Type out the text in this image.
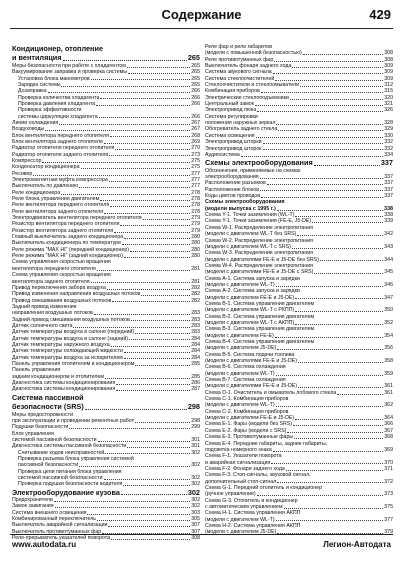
Содержание	429
Кондиционер, отопление
и вентиляция	265
Меры безопасности при работе с хладагентом	265
Вакуумирование заправка и проверка системы	265
Установка блока манометров	265
Зарядка системы	265
Дозаправка	266
Проверка количества хладагента	266
Проверка давления хладагента	266
Проверка эффективности
системы циркуляции хладагента	266
Линии охлаждения	267
Воздуховоды	267
Блок вентилятора переднего отопителя	268
Блок вентилятора заднего отопителя	269
Радиатор отопителя переднего отопителя	270
Радиатор отопителя заднего отопителя	273
Компрессор	275
Конденсатор кондиционера	275
Ресивер	277
Электромагнитная муфта компрессора	277
Выключатель по давлению	277
Реле кондиционера	278
Реле блока управления двигателем	278
Реле вентилятора переднего отопителя	278
Реле вентилятора заднего отопителя	278
Электродвигатель вентилятора переднего отопителя	279
Резистор вентилятора переднего отопителя	279
Резистор вентилятора заднего отопителя	279
Главный выключатель заднего кондиционера	280
Выключатель кондиционера по температуре	280
Реле режима "MAX HI" (передний кондиционер)	280
Реле режима "MAX HI" (задний кондиционер)	280
Схема управления скоростью вращения
вентилятора переднего отопителя	281
Схема управления скоростью вращения
вентилятора заднего отопителя	281
Привод переключения забора воздуха	282
Привод изменения направления воздушных потоков	282
Привод смешивания воздушных потоков	282
Задний привод изменения
направления воздушных потоков	283
Задний привод смешивания воздушных потоков	283
Датчик солнечного света	283
Датчик температуры воздуха в салоне (передний)	283
Датчик температуры воздуха в салоне (задний)	284
Датчик температуры наружного воздуха	284
Датчик температуры охлаждающей жидкости	284
Датчик температуры воздуха за испарителем	284
Панель управления отопителем и кондиционером	285
Панель управления
задним кондиционером и отопителем	285
Диагностика системы кондиционирования	286
Диагностика системы кондиционирования	287
Система пассивной
безопасности (SRS)	298
Меры предосторожности
при эксплуатации и проведении ремонтных работ	298
Подушки безопасности	299
Блок управления
системой пассивной безопасности	301
Диагностика системы пассивной безопасности	301
Считывание кодов неисправностей	302
Проверка разъема блока управления системой
пассивной безопасности	302
Проверка цепи питания блока управления
системой пассивной безопасности	302
Проверка подушки безопасности водителя	302
Электрооборудование кузова	302
Предохранители	302
Замок зажигания	302
Система внешнего освещения	303
Комбинированный переключатель	305
Выключатель аварийной сигнализации	307
Выключатель противотуманных фар	307
Реле-прерыватель указателей поворота	308
Реле фар и реле габаритов
(модели с повышенной безопасностью)	308
Реле противотуманных фар	308
Выключатель фонаря заднего хода	309
Система звукового сигнала	309
Система стеклоочистителей	309
Стеклоочистители и стеклоомыватели	312
Комбинация приборов	315
Электрические стеклоподъемники	320
Центральный замок	321
Электропривод люка	326
Система регулировки
положения наружных зеркал	328
Обогреватель заднего стекла	329
Система освещения	330
Электропривод шторки	332
Электропривод шторок	332
Аудиосистема	334
Схемы электрооборудования	337
Обозначения, применяемые на схемах
электрооборудования	337
Расположение разъемов	337
Расположение блоков	337
Коды цветов проводов	337
Схемы электрооборудования
(модели выпуска с 1995 г.)	338
Схема Y-1. Точки заземления (WL-T)	338
Схема Y-1. Точки заземления (FE-E, J5-DE)	339
Схема W-1. Распределение электропитания
(модели с двигателем WL-T без SRS)	342
Схема W-2. Распределение электропитания
(модели с двигателем WL-T с SRS)	343
Схема W-3. Распределение электропитания
(модели с двигателями FE-E и J5-DE без SRS)	344
Схема W-4. Распределение электропитания
(модели с двигателями FE-E и J5-DE с SRS)	345
Схема А-1. Система запуска и зарядки
(модели с двигателем WL-T)	346
Схема А-2. Система запуска и зарядки
(модели с двигателем FE-E и J5-DE)	347
Схема В-1. Система управления двигателем
(модели с двигателем WL-T с РКПП)	350
Схема В-2. Система управления двигателем
(модели с двигателем WL-T с АКПП)	352
Схема В-3. Система управления двигателем
(модели с двигателем FE-E)	354
Схема В-4. Система управления двигателем
(модели с двигателем J5-DE)	356
Схема В-5. Система подачи топлива
(модели с двигателями FE-E и J5-DE)	358
Схема В-6. Система охлаждения
(модели с двигателем WL-T)	359
Схема В-7. Система охлаждения
(модели с двигателями FE-E и J5-DE)	361
Схема D-1. Очиститель и омыватель лобового стекла	361
Схема С-1. Комбинация приборов
(модели с двигателем WL-T)	362
Схема С-2. Комбинация приборов
(модели с двигателем FE-E и J5-DE)	364
Схема Е-1. Фары (модели без SRS)	366
Схема Е-2. Фары (модели с SRS)	367
Схема Е-3. Противотуманные фары	368
Схема Е-4. Передние габариты, задние габариты,
подсветка номерного знака	369
Схема F-1. Указатели поворота
и аварийная сигнализация	370
Схема F-2. Фонари заднего хода	371
Схема F-3. Стоп-сигналы, звуковой сигнал,
дополнительный стоп-сигнал	372
Схема G-1. Передний отопитель и кондиционер
(ручное управление)	373
Схема G-3. Отопитель и кондиционер
с автоматическим управлением	375
Схема Н-1. Система управления АКПП
(модели с двигателем WL-T)	377
Схема Н-2. Система управления АКПП
(модели с двигателем J5-DE)	379
www.autodata.ru	Легион-Автодата
